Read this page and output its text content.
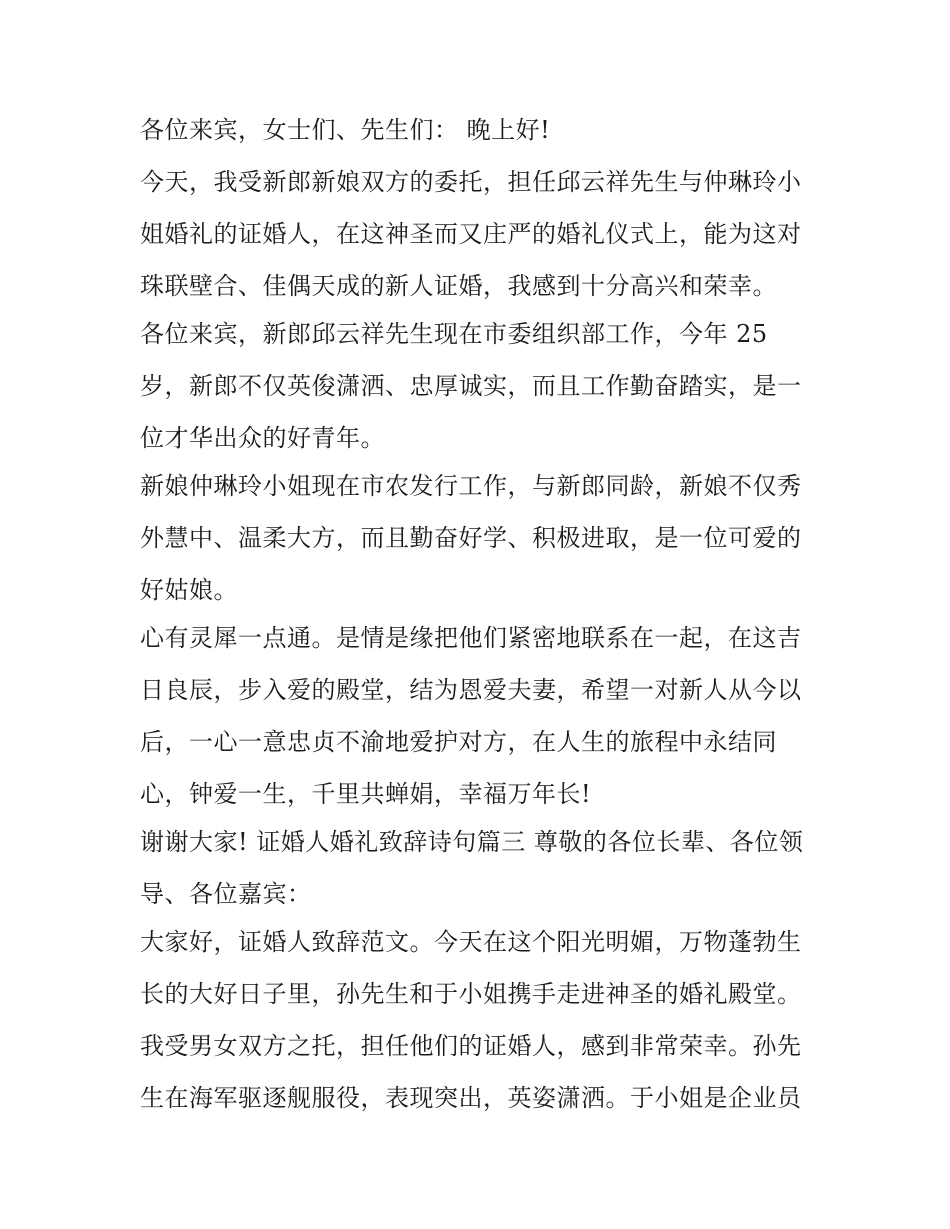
各位来宾，女士们、先生们： 晚上好!
今天，我受新郎新娘双方的委托，担任邱云祥先生与仲琳玲小
姐婚礼的证婚人，在这神圣而又庄严的婚礼仪式上，能为这对
珠联壁合、佳偶天成的新人证婚，我感到十分高兴和荣幸。
各位来宾，新郎邱云祥先生现在市委组织部工作，今年 25
岁，新郎不仅英俊潇洒、忠厚诚实，而且工作勤奋踏实，是一
位才华出众的好青年。
新娘仲琳玲小姐现在市农发行工作，与新郎同龄，新娘不仅秀
外慧中、温柔大方，而且勤奋好学、积极进取，是一位可爱的
好姑娘。
心有灵犀一点通。是情是缘把他们紧密地联系在一起，在这吉
日良辰，步入爱的殿堂，结为恩爱夫妻，希望一对新人从今以
后，一心一意忠贞不渝地爱护对方，在人生的旅程中永结同
心，钟爱一生，千里共蝉娟，幸福万年长!
谢谢大家! 证婚人婚礼致辞诗句篇三 尊敬的各位长辈、各位领
导、各位嘉宾：
大家好，证婚人致辞范文。今天在这个阳光明媚，万物蓬勃生
长的大好日子里，孙先生和于小姐携手走进神圣的婚礼殿堂。
我受男女双方之托，担任他们的证婚人，感到非常荣幸。孙先
生在海军驱逐舰服役，表现突出，英姿潇洒。于小姐是企业员
